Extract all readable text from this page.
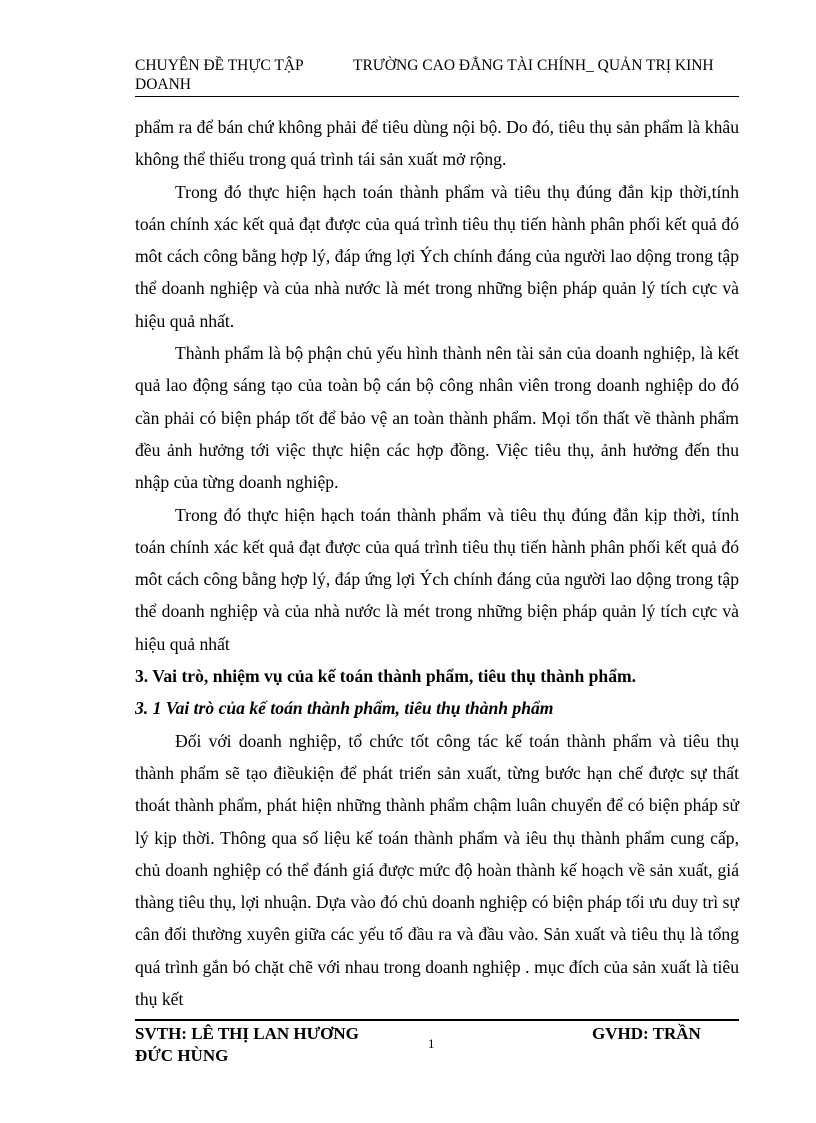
CHUYÊN ĐỀ THỰC TẬP	TRƯỜNG CAO ĐẲNG TÀI CHÍNH_ QUẢN TRỊ KINH
DOANH

phẩm ra để bán chứ không phải để tiêu dùng nội bộ. Do đó, tiêu thụ sản phẩm là khâu không thể thiếu trong quá trình tái sản xuất mở rộng.

Trong đó thực hiện hạch toán thành phẩm và tiêu thụ đúng đắn kịp thời,tính toán chính xác kết quả đạt được của quá trình tiêu thụ tiến hành phân phối kết quả đó môt cách công bằng hợp lý, đáp ứng lợi Ých chính đáng của người lao dộng trong tập thể doanh nghiệp và của nhà nước là mét trong những biện pháp quản lý tích cực và hiệu quả nhất.

Thành phẩm là bộ phận chủ yếu hình thành nên tài sản của doanh nghiệp, là kết quả lao động sáng tạo của toàn bộ cán bộ công nhân viên trong doanh nghiệp do đó cần phải có biện pháp tốt để bảo vệ an toàn thành phẩm. Mọi tổn thất về thành phẩm đều ảnh hưởng tới việc thực hiện các hợp đồng. Việc tiêu thụ, ảnh hưởng đến thu nhập của từng doanh nghiệp.

Trong đó thực hiện hạch toán thành phẩm và tiêu thụ đúng đắn kịp thời, tính toán chính xác kết quả đạt được của quá trình tiêu thụ tiến hành phân phối kết quả đó môt cách công bằng hợp lý, đáp ứng lợi Ých chính đáng của người lao dộng trong tập thể doanh nghiệp và của nhà nước là mét trong những biện pháp quản lý tích cực và hiệu quả nhất

3. Vai trò, nhiệm vụ của kế toán thành phẩm, tiêu thụ thành phẩm.

3. 1 Vai trò của kế toán thành phẩm, tiêu thụ thành phẩm

Đối với doanh nghiệp, tổ chức tốt công tác kế toán thành phẩm và tiêu thụ thành phẩm sẽ tạo điềukiện để phát triển sản xuất, từng bước hạn chế được sự thất thoát thành phẩm, phát hiện những thành phẩm chậm luân chuyển để có biện pháp sử lý kịp thời. Thông qua số liệu kế toán thành phẩm và iêu thụ thành phẩm cung cấp, chủ doanh nghiệp có thể đánh giá được mức độ hoàn thành kế hoạch về sản xuất, giá thàng tiêu thụ, lợi nhuận. Dựa vào đó chủ doanh nghiệp có biện pháp tối ưu duy trì sự cân đối thường xuyên giữa các yếu tố đầu ra và đầu vào. Sản xuất và tiêu thụ là tổng quá trình gắn bó chặt chẽ với nhau trong doanh nghiệp . mục đích của sản xuất là tiêu thụ kết

SVTH: LÊ THỊ LAN HƯƠNG
1
GVHD: TRẦN
ĐỨC HÙNG
